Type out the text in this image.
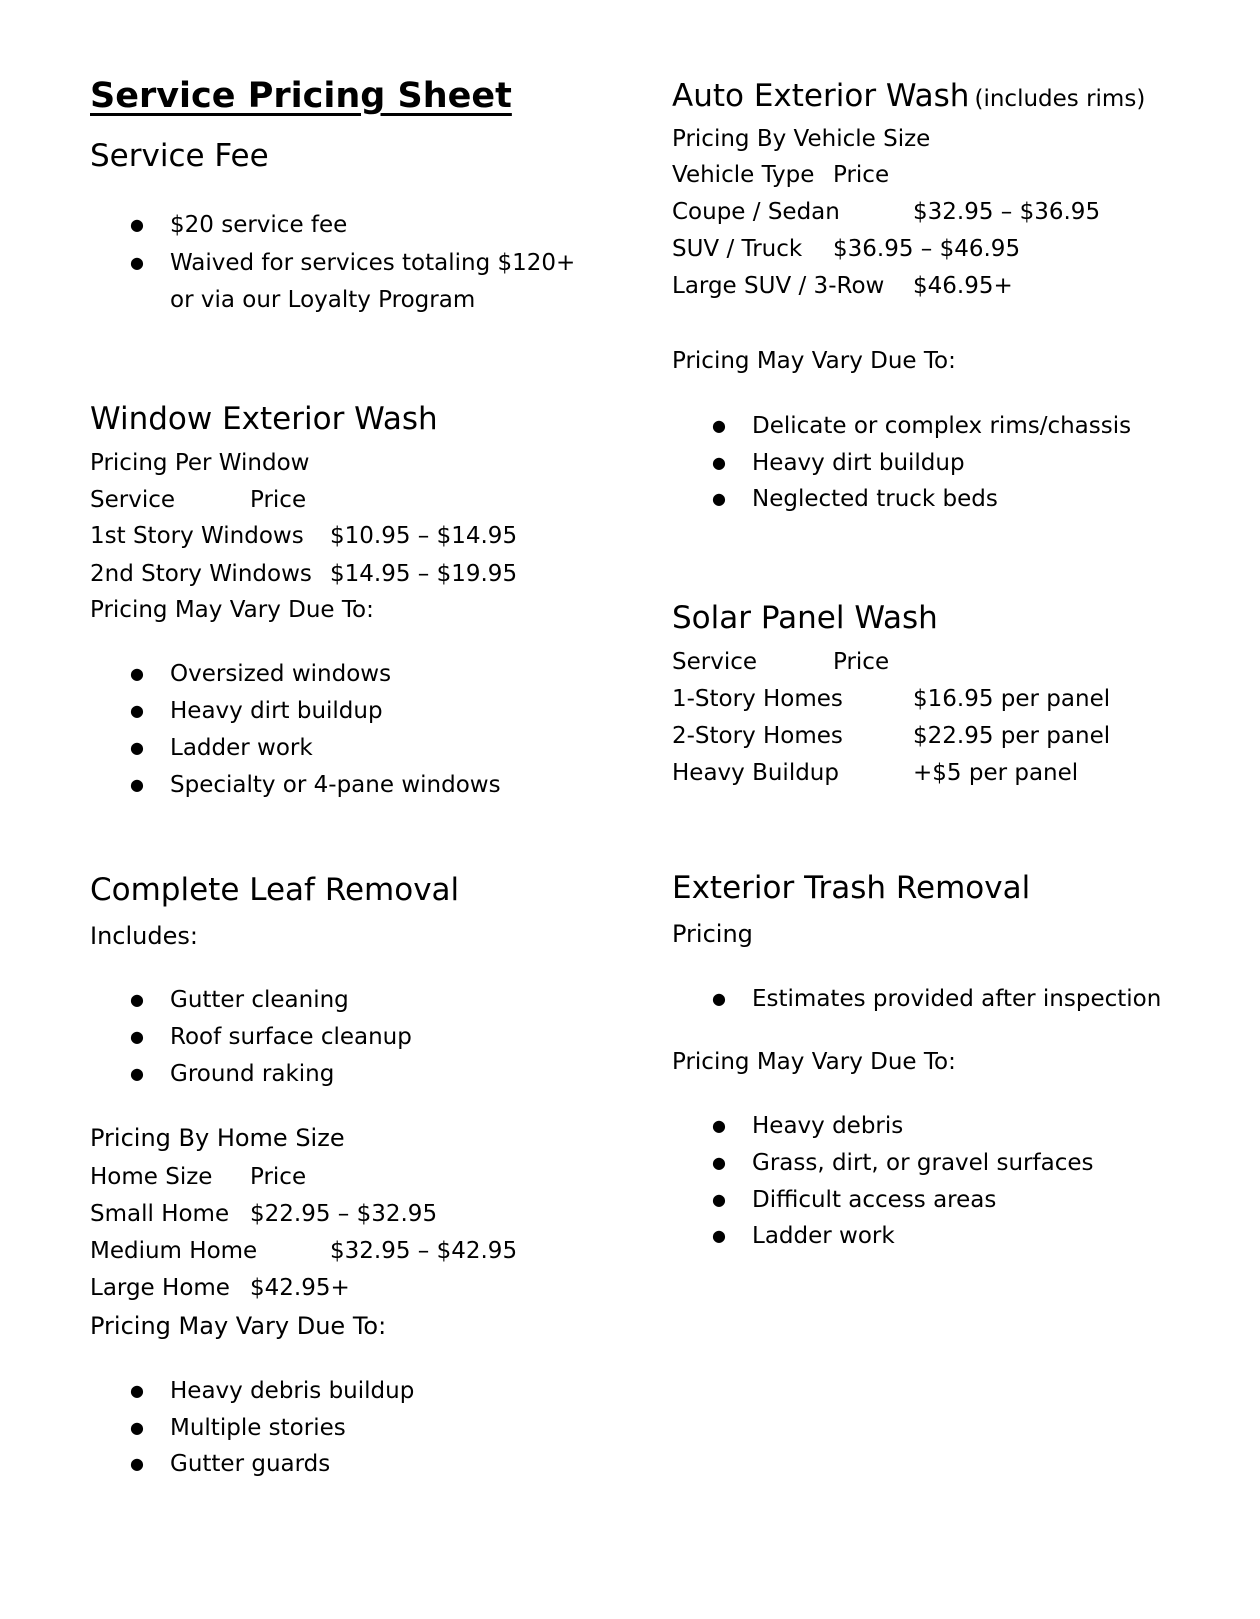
Service Pricing Sheet
Service Fee
● $20 service fee
● Waived for services totaling $120+
or via our Loyalty Program
Window Exterior Wash
Pricing Per Window
Service	Price
1st Story Windows $10.95 – $14.95
2nd Story Windows $14.95 – $19.95
Pricing May Vary Due To:
● Oversized windows
● Heavy dirt buildup
● Ladder work
● Specialty or 4-pane windows
Complete Leaf Removal
Includes:
● Gutter cleaning
● Roof surface cleanup
● Ground raking
Pricing By Home Size
Home Size Price
Small Home $22.95 – $32.95
Medium Home	$32.95 – $42.95
Large Home $42.95+
Pricing May Vary Due To:
● Heavy debris buildup
● Multiple stories
● Gutter guards
Auto Exterior Wash (includes rims)
Pricing By Vehicle Size
Vehicle Type Price
Coupe / Sedan	$32.95 – $36.95
SUV / Truck $36.95 – $46.95
Large SUV / 3-Row $46.95+
Pricing May Vary Due To:
● Delicate or complex rims/chassis
● Heavy dirt buildup
● Neglected truck beds
Solar Panel Wash
Service	Price
1-Story Homes	$16.95 per panel
2-Story Homes	$22.95 per panel
Heavy Buildup	+$5 per panel
Exterior Trash Removal
Pricing
● Estimates provided after inspection
Pricing May Vary Due To:
● Heavy debris
● Grass, dirt, or gravel surfaces
● Difficult access areas
● Ladder work
